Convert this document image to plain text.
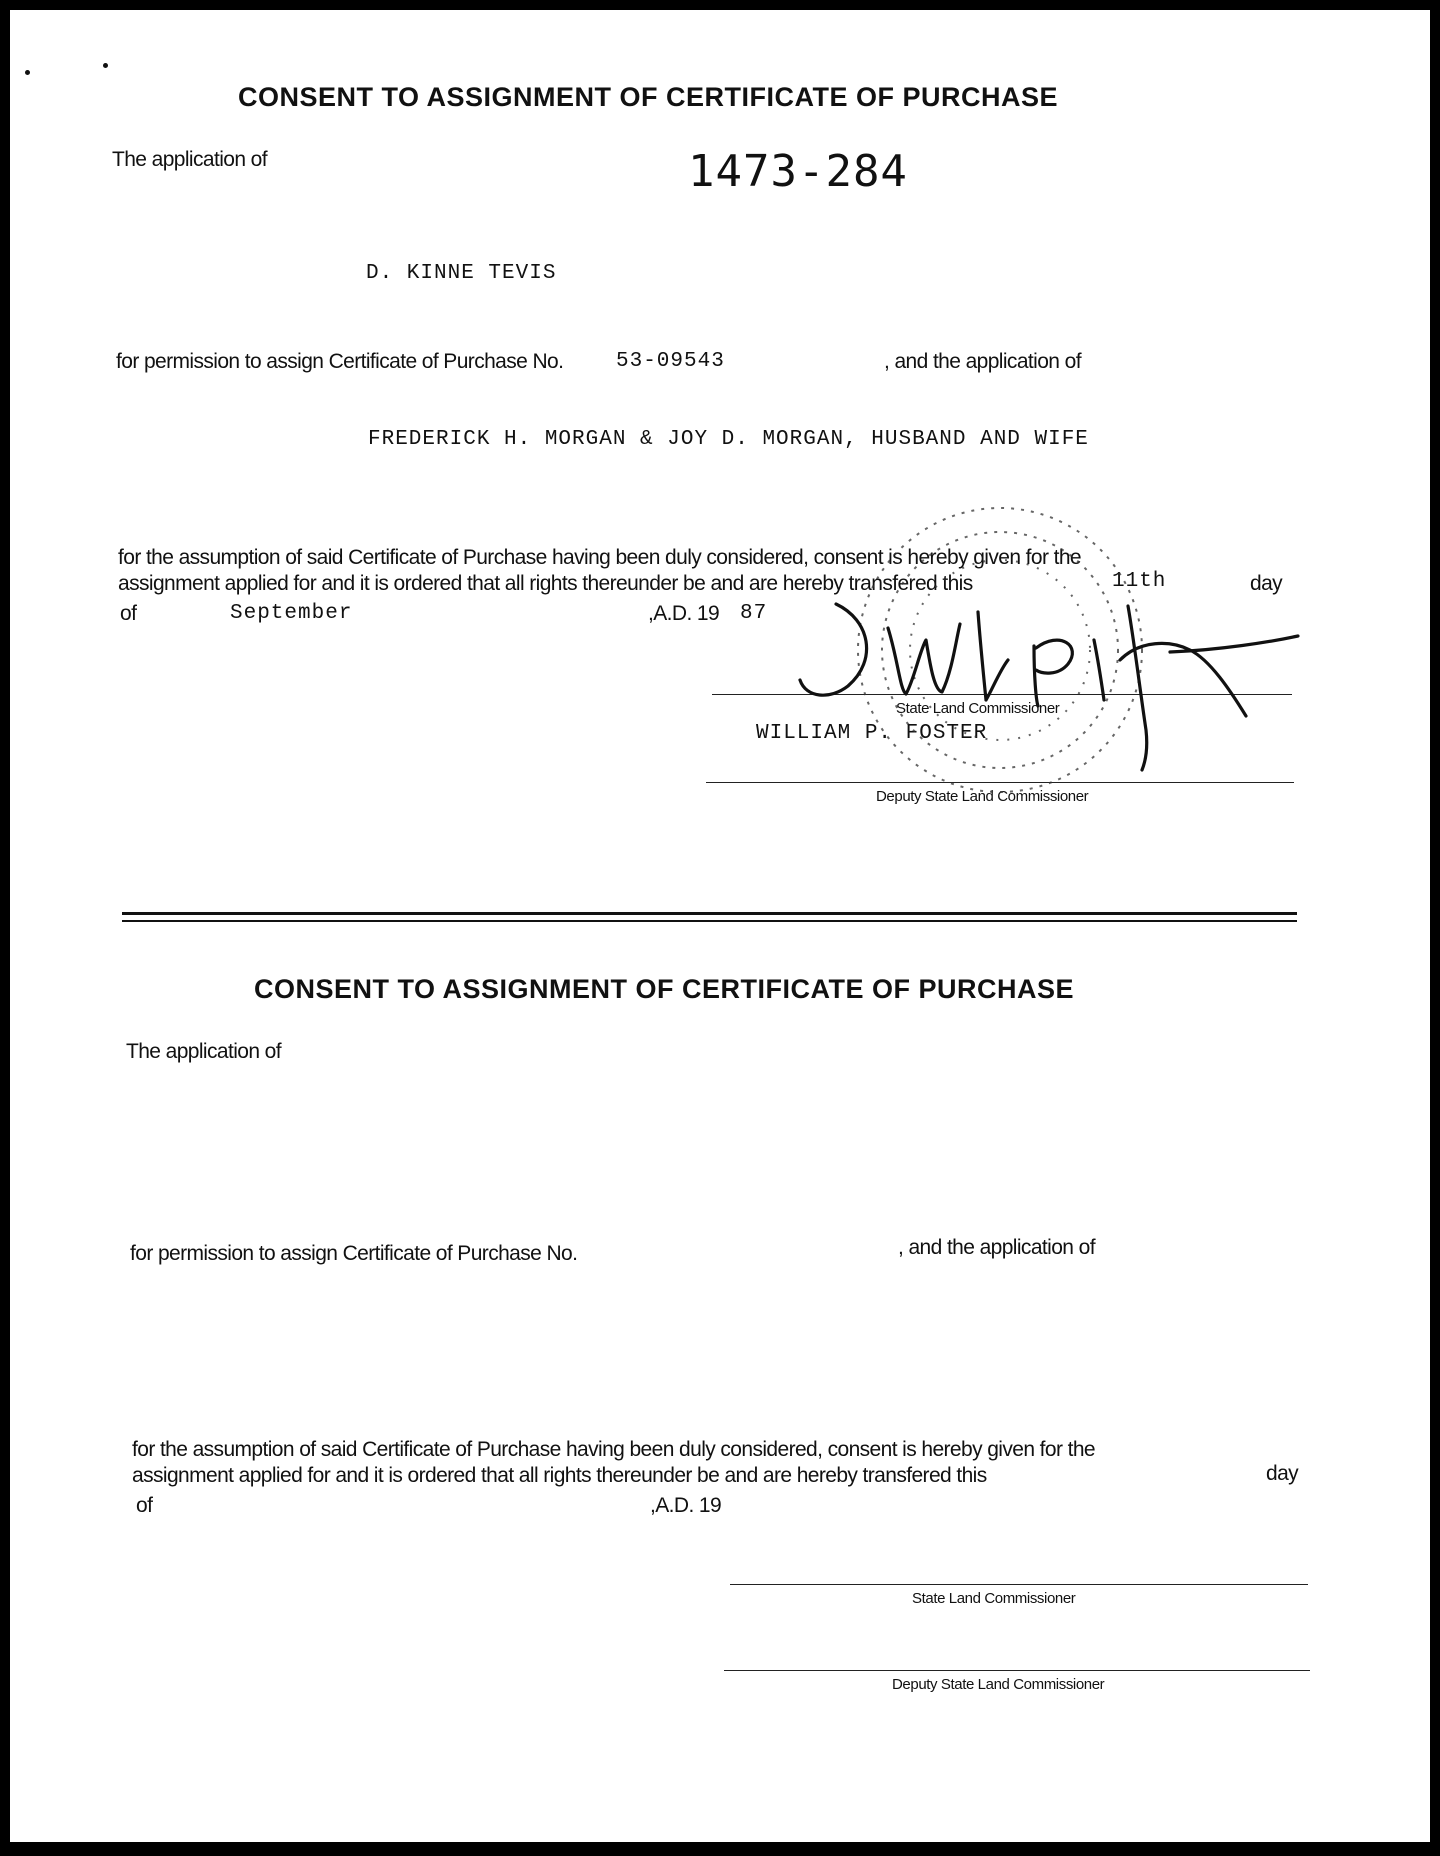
CONSENT TO ASSIGNMENT OF CERTIFICATE OF PURCHASE
The application of	1473-284
D. KINNE TEVIS
for permission to assign Certificate of Purchase No.	53-09543	, and the application of
FREDERICK H. MORGAN & JOY D. MORGAN, HUSBAND AND WIFE
for the assumption of said Certificate of Purchase having been duly considered, consent is hereby given for the
assignment applied for and it is ordered that all rights thereunder be and are hereby transfered this	11th	day
of	September	,A.D. 19 87
State Land Commissioner
WILLIAM P. FOSTER
Deputy State Land Commissioner
CONSENT TO ASSIGNMENT OF CERTIFICATE OF PURCHASE
The application of
for permission to assign Certificate of Purchase No.	, and the application of
for the assumption of said Certificate of Purchase having been duly considered, consent is hereby given for the
assignment applied for and it is ordered that all rights thereunder be and are hereby transfered this	day
of	,A.D. 19
State Land Commissioner
Deputy State Land Commissioner
